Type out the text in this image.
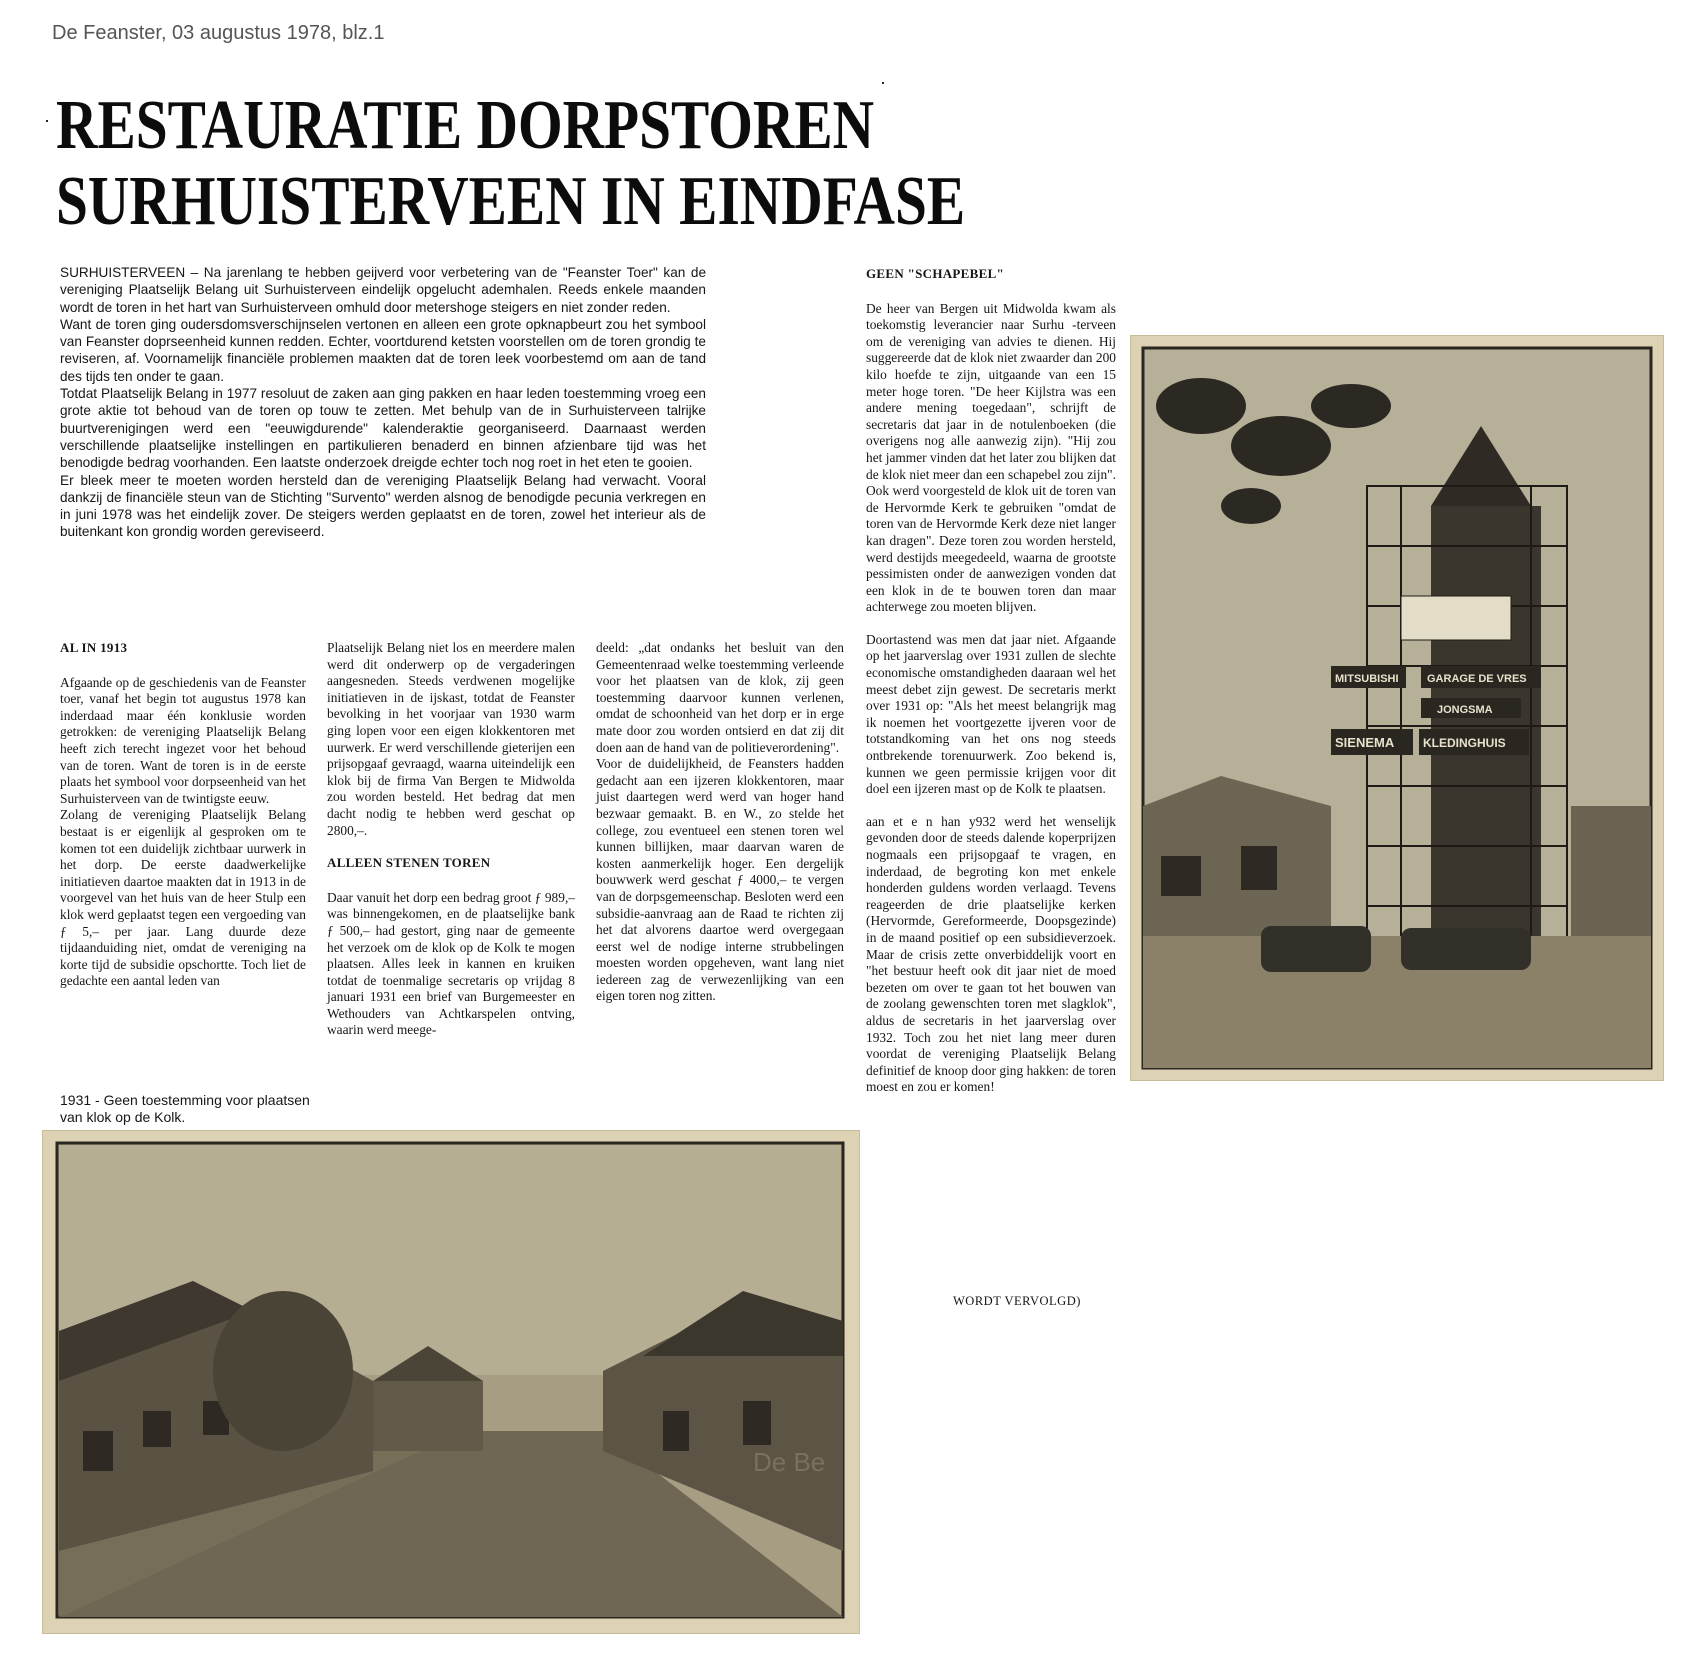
De Feanster, 03 augustus 1978, blz.1
RESTAURATIE DORPSTOREN
SURHUISTERVEEN IN EINDFASE

SURHUISTERVEEN – Na jarenlang te hebben geijverd voor verbetering van de "Feanster Toer" kan de vereniging Plaatselijk Belang uit Surhuisterveen eindelijk opgelucht ademhalen. Reeds enkele maanden wordt de toren in het hart van Surhuisterveen omhuld door metershoge steigers en niet zonder reden.

Want de toren ging oudersdomsverschijnselen vertonen en alleen een grote opknapbeurt zou het symbool van Feanster doprseenheid kunnen redden. Echter, voortdurend ketsten voorstellen om de toren grondig te reviseren, af. Voornamelijk financiële problemen maakten dat de toren leek voorbestemd om aan de tand des tijds ten onder te gaan.

Totdat Plaatselijk Belang in 1977 resoluut de zaken aan ging pakken en haar leden toestemming vroeg een grote aktie tot behoud van de toren op touw te zetten. Met behulp van de in Surhuisterveen talrijke buurtverenigingen werd een "eeuwigdurende" kalenderaktie georganiseerd. Daarnaast werden verschillende plaatselijke instellingen en partikulieren benaderd en binnen afzienbare tijd was het benodigde bedrag voorhanden. Een laatste onderzoek dreigde echter toch nog roet in het eten te gooien.

Er bleek meer te moeten worden hersteld dan de vereniging Plaatselijk Belang had verwacht. Vooral dankzij de financiële steun van de Stichting "Survento" werden alsnog de benodigde pecunia verkregen en in juni 1978 was het eindelijk zover. De steigers werden geplaatst en de toren, zowel het interieur als de buitenkant kon grondig worden gereviseerd.

AL IN 1913

Afgaande op de geschiedenis van de Feanster toer, vanaf het begin tot augustus 1978 kan inderdaad maar één konklusie worden getrokken: de vereniging Plaatselijk Belang heeft zich terecht ingezet voor het behoud van de toren. Want de toren is in de eerste plaats het symbool voor dorpseenheid van het Surhuisterveen van de twintigste eeuw.

Zolang de vereniging Plaatselijk Belang bestaat is er eigenlijk al gesproken om te komen tot een duidelijk zichtbaar uurwerk in het dorp. De eerste daadwerkelijke initiatieven daartoe maakten dat in 1913 in de voorgevel van het huis van de heer Stulp een klok werd geplaatst tegen een vergoeding van ƒ 5,– per jaar. Lang duurde deze tijdaanduiding niet, omdat de vereniging na korte tijd de subsidie opschortte. Toch liet de gedachte een aantal leden van

Plaatselijk Belang niet los en meerdere malen werd dit onderwerp op de vergaderingen aangesneden. Steeds verdwenen mogelijke initiatieven in de ijskast, totdat de Feanster bevolking in het voorjaar van 1930 warm ging lopen voor een eigen klokkentoren met uurwerk. Er werd verschillende gieterijen een prijsopgaaf gevraagd, waarna uiteindelijk een klok bij de firma Van Bergen te Midwolda zou worden besteld. Het bedrag dat men dacht nodig te hebben werd geschat op 2800,–.

ALLEEN STENEN TOREN

Daar vanuit het dorp een bedrag groot ƒ 989,– was binnengekomen, en de plaatselijke bank ƒ 500,– had gestort, ging naar de gemeente het verzoek om de klok op de Kolk te mogen plaatsen. Alles leek in kannen en kruiken totdat de toenmalige secretaris op vrijdag 8 januari 1931 een brief van Burgemeester en Wethouders van Achtkarspelen ontving, waarin werd meege-

deeld: „dat ondanks het besluit van den Gemeentenraad welke toestemming verleende voor het plaatsen van de klok, zij geen toestemming daarvoor kunnen verlenen, omdat de schoonheid van het dorp er in erge mate door zou worden ontsierd en dat zij dit doen aan de hand van de politieverordening".

Voor de duidelijkheid, de Feansters hadden gedacht aan een ijzeren klokkentoren, maar juist daartegen werd werd van hoger hand bezwaar gemaakt. B. en W., zo stelde het college, zou eventueel een stenen toren wel kunnen billijken, maar daarvan waren de kosten aanmerkelijk hoger. Een dergelijk bouwwerk werd geschat ƒ 4000,– te vergen van de dorpsgemeenschap. Besloten werd een subsidie-aanvraag aan de Raad te richten zij het dat alvorens daartoe werd overgegaan eerst wel de nodige interne strubbelingen moesten worden opgeheven, want lang niet iedereen zag de verwezenlijking van een eigen toren nog zitten.

GEEN "SCHAPEBEL"

De heer van Bergen uit Midwolda kwam als toekomstig leverancier naar Surhu -terveen om de vereniging van advies te dienen. Hij suggereerde dat de klok niet zwaarder dan 200 kilo hoefde te zijn, uitgaande van een 15 meter hoge toren. "De heer Kijlstra was een andere mening toegedaan", schrijft de secretaris dat jaar in de notulenboeken (die overigens nog alle aanwezig zijn). "Hij zou het jammer vinden dat het later zou blijken dat de klok niet meer dan een schapebel zou zijn". Ook werd voorgesteld de klok uit de toren van de Hervormde Kerk te gebruiken "omdat de toren van de Hervormde Kerk deze niet langer kan dragen". Deze toren zou worden hersteld, werd destijds meegedeeld, waarna de grootste pessimisten onder de aanwezigen vonden dat een klok in de te bouwen toren dan maar achterwege zou moeten blijven.

Doortastend was men dat jaar niet. Afgaande op het jaarverslag over 1931 zullen de slechte economische omstandigheden daaraan wel het meest debet zijn gewest. De secretaris merkt over 1931 op: "Als het meest belangrijk mag ik noemen het voortgezette ijveren voor de totstandkoming van het ons nog steeds ontbrekende torenuurwerk. Zoo bekend is, kunnen we geen permissie krijgen voor dit doel een ijzeren mast op de Kolk te plaatsen.

aan et e n han y932 werd het wenselijk gevonden door de steeds dalende koperprijzen nogmaals een prijsopgaaf te vragen, en inderdaad, de begroting kon met enkele honderden guldens worden verlaagd. Tevens reageerden de drie plaatselijke kerken (Hervormde, Gereformeerde, Doopsgezinde) in de maand positief op een subsidieverzoek. Maar de crisis zette onverbiddelijk voort en "het bestuur heeft ook dit jaar niet de moed bezeten om over te gaan tot het bouwen van de zoolang gewenschten toren met slagklok", aldus de secretaris in het jaarverslag over 1932. Toch zou het niet lang meer duren voordat de vereniging Plaatselijk Belang definitief de knoop door ging hakken: de toren moest en zou er komen!

WORDT VERVOLGD)
1931 - Geen toestemming voor plaatsen van klok op de Kolk.
De Be
MITSUBISHI	GARAGE DE VRES
JONGSMA
SIENEMA KLEDINGHUIS
